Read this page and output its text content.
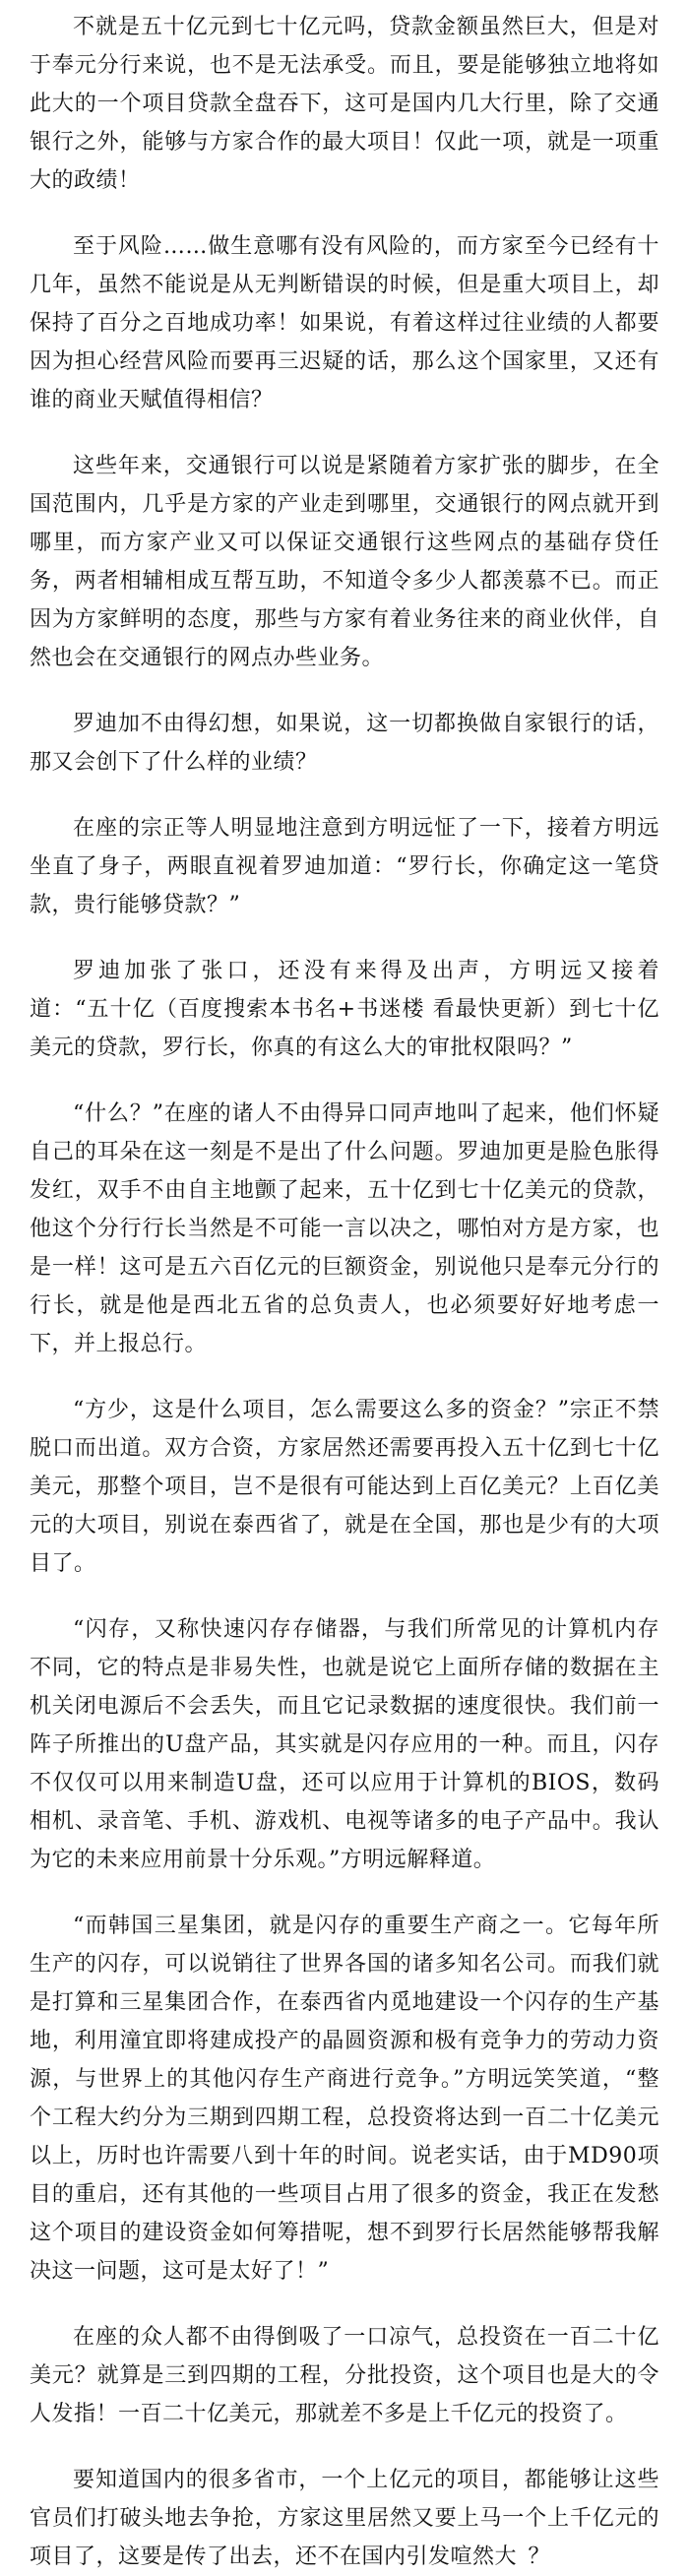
不就是五十亿元到七十亿元吗，贷款金额虽然巨大，但是对于奉元分行来说，也不是无法承受。而且，要是能够独立地将如此大的一个项目贷款全盘吞下，这可是国内几大行里，除了交通银行之外，能够与方家合作的最大项目！仅此一项，就是一项重大的政绩！

至于风险……做生意哪有没有风险的，而方家至今已经有十几年，虽然不能说是从无判断错误的时候，但是重大项目上，却保持了百分之百地成功率！如果说，有着这样过往业绩的人都要因为担心经营风险而要再三迟疑的话，那么这个国家里，又还有谁的商业天赋值得相信？

这些年来，交通银行可以说是紧随着方家扩张的脚步，在全国范围内，几乎是方家的产业走到哪里，交通银行的网点就开到哪里，而方家产业又可以保证交通银行这些网点的基础存贷任务，两者相辅相成互帮互助，不知道令多少人都羡慕不已。而正因为方家鲜明的态度，那些与方家有着业务往来的商业伙伴，自然也会在交通银行的网点办些业务。

罗迪加不由得幻想，如果说，这一切都换做自家银行的话，那又会创下了什么样的业绩？

在座的宗正等人明显地注意到方明远怔了一下，接着方明远坐直了身子，两眼直视着罗迪加道：“罗行长，你确定这一笔贷款，贵行能够贷款？”

罗迪加张了张口，还没有来得及出声，方明远又接着道：“五十亿（百度搜索本书名+书迷楼 看最快更新）到七十亿美元的贷款，罗行长，你真的有这么大的审批权限吗？”

“什么？”在座的诸人不由得异口同声地叫了起来，他们怀疑自己的耳朵在这一刻是不是出了什么问题。罗迪加更是脸色胀得发红，双手不由自主地颤了起来，五十亿到七十亿美元的贷款，他这个分行行长当然是不可能一言以决之，哪怕对方是方家，也是一样！这可是五六百亿元的巨额资金，别说他只是奉元分行的行长，就是他是西北五省的总负责人，也必须要好好地考虑一下，并上报总行。

“方少，这是什么项目，怎么需要这么多的资金？”宗正不禁脱口而出道。双方合资，方家居然还需要再投入五十亿到七十亿美元，那整个项目，岂不是很有可能达到上百亿美元？上百亿美元的大项目，别说在泰西省了，就是在全国，那也是少有的大项目了。

“闪存，又称快速闪存存储器，与我们所常见的计算机内存不同，它的特点是非易失性，也就是说它上面所存储的数据在主机关闭电源后不会丢失，而且它记录数据的速度很快。我们前一阵子所推出的U盘产品，其实就是闪存应用的一种。而且，闪存不仅仅可以用来制造U盘，还可以应用于计算机的BIOS，数码相机、录音笔、手机、游戏机、电视等诸多的电子产品中。我认为它的未来应用前景十分乐观。”方明远解释道。

“而韩国三星集团，就是闪存的重要生产商之一。它每年所生产的闪存，可以说销往了世界各国的诸多知名公司。而我们就是打算和三星集团合作，在泰西省内觅地建设一个闪存的生产基地，利用潼宜即将建成投产的晶圆资源和极有竞争力的劳动力资源，与世界上的其他闪存生产商进行竞争。”方明远笑笑道，“整个工程大约分为三期到四期工程，总投资将达到一百二十亿美元以上，历时也许需要八到十年的时间。说老实话，由于MD90项目的重启，还有其他的一些项目占用了很多的资金，我正在发愁这个项目的建设资金如何筹措呢，想不到罗行长居然能够帮我解决这一问题，这可是太好了！”

在座的众人都不由得倒吸了一口凉气，总投资在一百二十亿美元？就算是三到四期的工程，分批投资，这个项目也是大的令人发指！一百二十亿美元，那就差不多是上千亿元的投资了。

要知道国内的很多省市，一个上亿元的项目，都能够让这些官员们打破头地去争抢，方家这里居然又要上马一个上千亿元的项目了，这要是传了出去，还不在国内引发喧然大 ？
